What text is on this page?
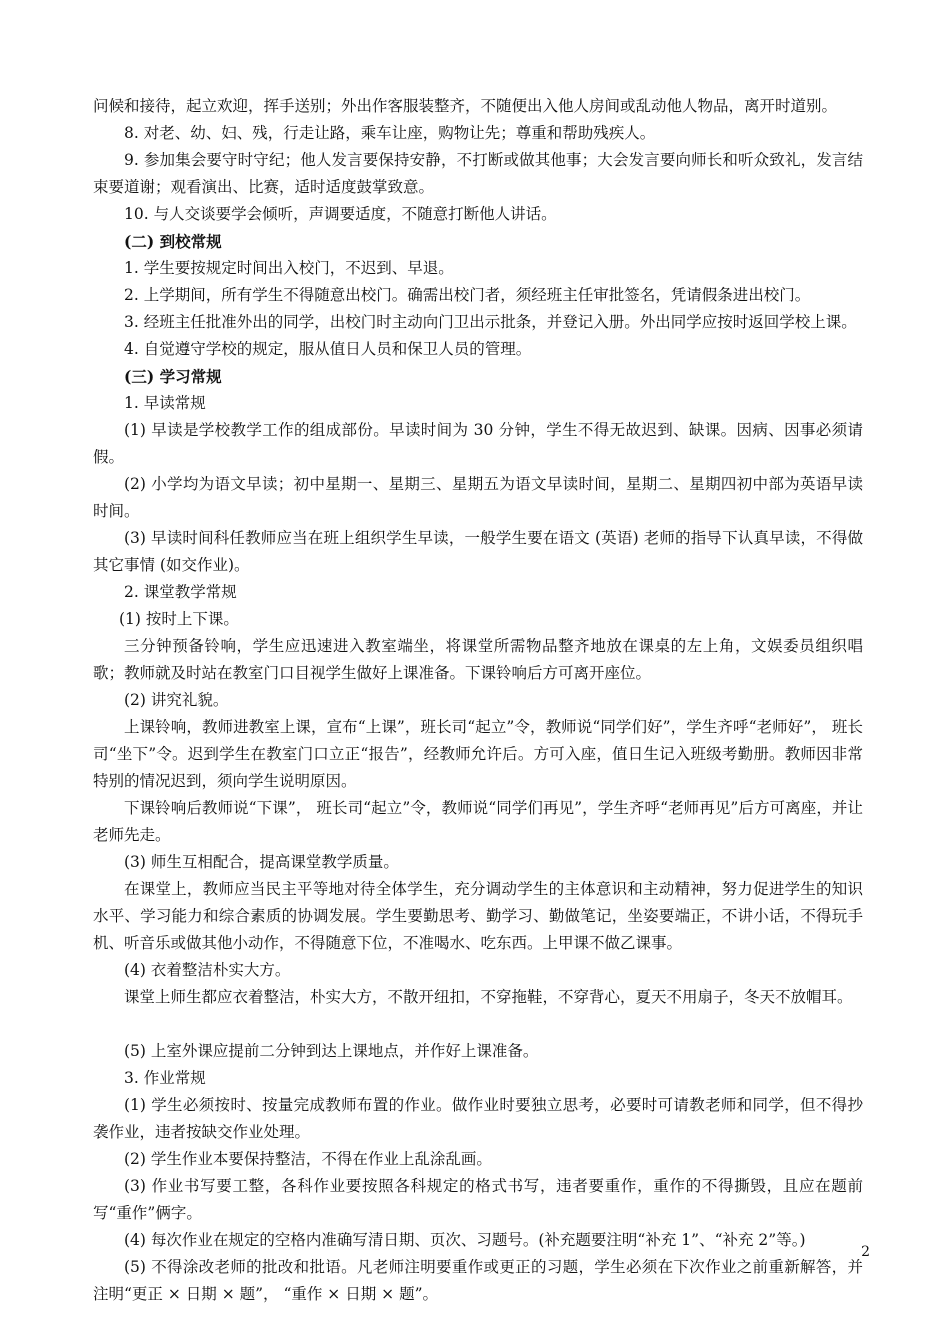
问候和接待，起立欢迎，挥手送别；外出作客服装整齐，不随便出入他人房间或乱动他人物品，离开时道别。

8. 对老、幼、妇、残，行走让路，乘车让座，购物让先；尊重和帮助残疾人。

9. 参加集会要守时守纪；他人发言要保持安静，不打断或做其他事；大会发言要向师长和听众致礼，发言结束要道谢；观看演出、比赛，适时适度鼓掌致意。

10. 与人交谈要学会倾听，声调要适度，不随意打断他人讲话。

(二) 到校常规

1. 学生要按规定时间出入校门，不迟到、早退。

2. 上学期间，所有学生不得随意出校门。确需出校门者，须经班主任审批签名，凭请假条进出校门。

3. 经班主任批准外出的同学，出校门时主动向门卫出示批条，并登记入册。外出同学应按时返回学校上课。

4. 自觉遵守学校的规定，服从值日人员和保卫人员的管理。

(三) 学习常规

1. 早读常规

(1) 早读是学校教学工作的组成部份。早读时间为 30 分钟，学生不得无故迟到、缺课。因病、因事必须请假。

(2) 小学均为语文早读；初中星期一、星期三、星期五为语文早读时间，星期二、星期四初中部为英语早读时间。

(3) 早读时间科任教师应当在班上组织学生早读，一般学生要在语文 (英语) 老师的指导下认真早读，不得做其它事情 (如交作业)。

2. 课堂教学常规

(1) 按时上下课。

三分钟预备铃响，学生应迅速进入教室端坐，将课堂所需物品整齐地放在课桌的左上角，文娱委员组织唱歌；教师就及时站在教室门口目视学生做好上课准备。下课铃响后方可离开座位。

(2) 讲究礼貌。

上课铃响，教师进教室上课，宣布“上课”，班长司“起立”令，教师说“同学们好”，学生齐呼“老师好”， 班长司“坐下”令。迟到学生在教室门口立正“报告”，经教师允许后。方可入座，值日生记入班级考勤册。教师因非常特别的情况迟到，须向学生说明原因。

下课铃响后教师说“下课”， 班长司“起立”令，教师说“同学们再见”，学生齐呼“老师再见”后方可离座，并让老师先走。

(3) 师生互相配合，提高课堂教学质量。

在课堂上，教师应当民主平等地对待全体学生，充分调动学生的主体意识和主动精神，努力促进学生的知识水平、学习能力和综合素质的协调发展。学生要勤思考、勤学习、勤做笔记，坐姿要端正，不讲小话，不得玩手机、听音乐或做其他小动作，不得随意下位，不准喝水、吃东西。上甲课不做乙课事。

(4) 衣着整洁朴实大方。

课堂上师生都应衣着整洁，朴实大方，不散开纽扣，不穿拖鞋，不穿背心，夏天不用扇子，冬天不放帽耳。

(5) 上室外课应提前二分钟到达上课地点，并作好上课准备。

3. 作业常规

(1) 学生必须按时、按量完成教师布置的作业。做作业时要独立思考，必要时可请教老师和同学，但不得抄袭作业，违者按缺交作业处理。

(2) 学生作业本要保持整洁，不得在作业上乱涂乱画。

(3) 作业书写要工整，各科作业要按照各科规定的格式书写，违者要重作，重作的不得撕毁，且应在题前写“重作”俩字。

(4) 每次作业在规定的空格内准确写清日期、页次、习题号。(补充题要注明“补充 1”、“补充 2”等。)

(5) 不得涂改老师的批改和批语。凡老师注明要重作或更正的习题，学生必须在下次作业之前重新解答，并注明“更正 × 日期 × 题”， “重作 × 日期 × 题”。

2
